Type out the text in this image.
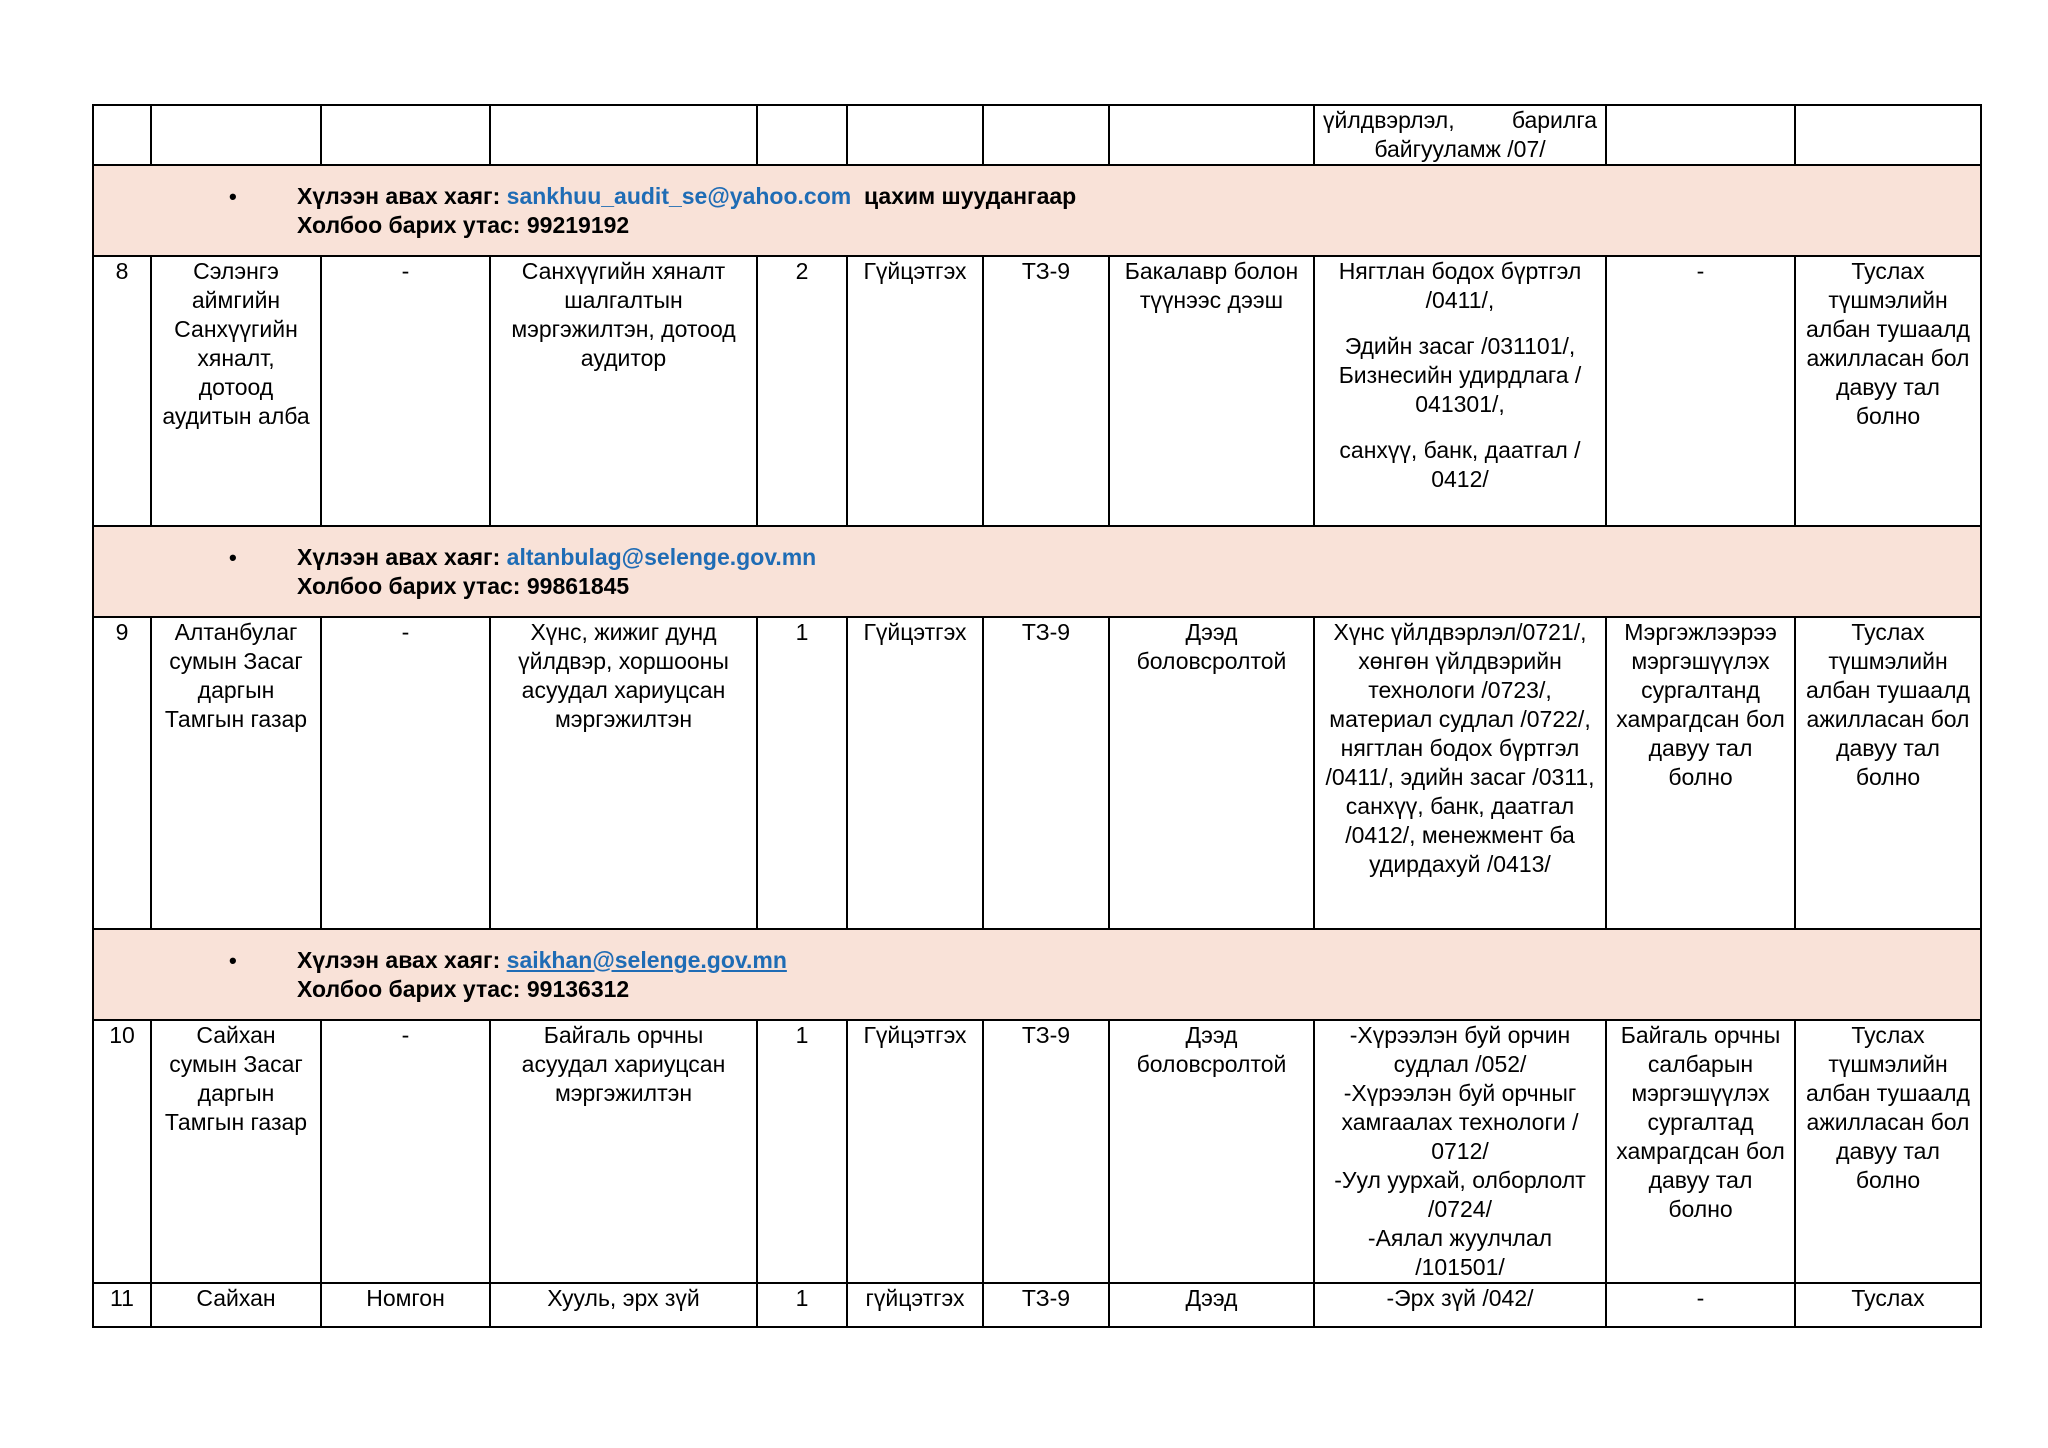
								үйлдвэрлэл, барилга
байгууламж /07/		

• Хүлээн авах хаяг: sankhuu_audit_se@yahoo.com цахим шуудангаар
Холбоо барих утас: 99219192										

8	Сэлэнгэ аймгийн Санхүүгийн хяналт, дотоод аудитын алба	-	Санхүүгийн хяналт шалгалтын мэргэжилтэн, дотоод аудитор	2	Гүйцэтгэх	ТЗ-9	Бакалавр болон түүнээс дээш	Нягтлан бодох бүртгэл /0411/,

Эдийн засаг /031101/, Бизнесийн удирдлага / 041301/,

санхүү, банк, даатгал / 0412/	-	Туслах түшмэлийн албан тушаалд ажилласан бол давуу тал болно

• Хүлээн авах хаяг: altanbulag@selenge.gov.mn
Холбоо барих утас: 99861845										

9	Алтанбулаг сумын Засаг даргын Тамгын газар	-	Хүнс, жижиг дунд үйлдвэр, хоршооны асуудал хариуцсан мэргэжилтэн	1	Гүйцэтгэх	ТЗ-9	Дээд боловсролтой	Хүнс үйлдвэрлэл/0721/, хөнгөн үйлдвэрийн технологи /0723/, материал судлал /0722/, нягтлан бодох бүртгэл /0411/, эдийн засаг /0311, санхүү, банк, даатгал /0412/, менежмент ба удирдахуй /0413/	Мэргэжлээрээ мэргэшүүлэх сургалтанд хамрагдсан бол давуу тал болно	Туслах түшмэлийн албан тушаалд ажилласан бол давуу тал болно

• Хүлээн авах хаяг: saikhan@selenge.gov.mn
Холбоо барих утас: 99136312										

10	Сайхан сумын Засаг даргын Тамгын газар	-	Байгаль орчны асуудал хариуцсан мэргэжилтэн	1	Гүйцэтгэх	ТЗ-9	Дээд боловсролтой	-Хүрээлэн буй орчин судлал /052/
-Хүрээлэн буй орчныг хамгаалах технологи / 0712/
-Уул уурхай, олборлолт /0724/
-Аялал жуулчлал /101501/	Байгаль орчны салбарын мэргэшүүлэх сургалтад хамрагдсан бол давуу тал болно	Туслах түшмэлийн албан тушаалд ажилласан бол давуу тал болно
11	Сайхан	Номгон	Хууль, эрх зүй	1	гүйцэтгэх	ТЗ-9	Дээд	-Эрх зүй /042/	-	Туслах
